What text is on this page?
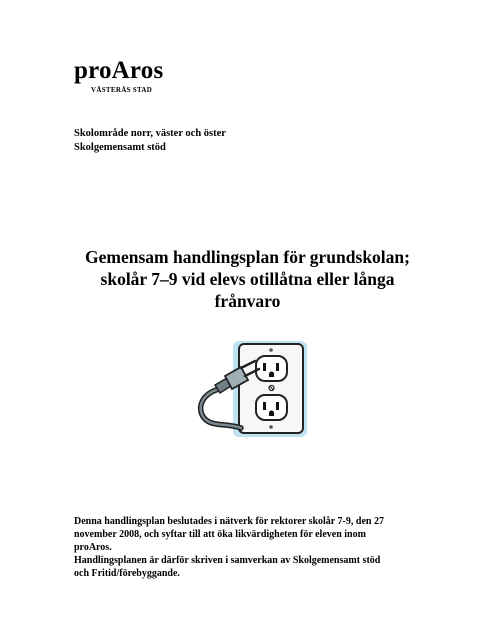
proAros
VÄSTERÅS STAD
Skolområde norr, väster och öster
Skolgemensamt stöd
Gemensam handlingsplan för grundskolan;
skolår 7–9 vid elevs otillåtna eller långa
frånvaro
Denna handlingsplan beslutades i nätverk för rektorer skolår 7-9, den 27
november 2008, och syftar till att öka likvärdigheten för eleven inom
proAros.
Handlingsplanen är därför skriven i samverkan av Skolgemensamt stöd
och Fritid/förebyggande.
